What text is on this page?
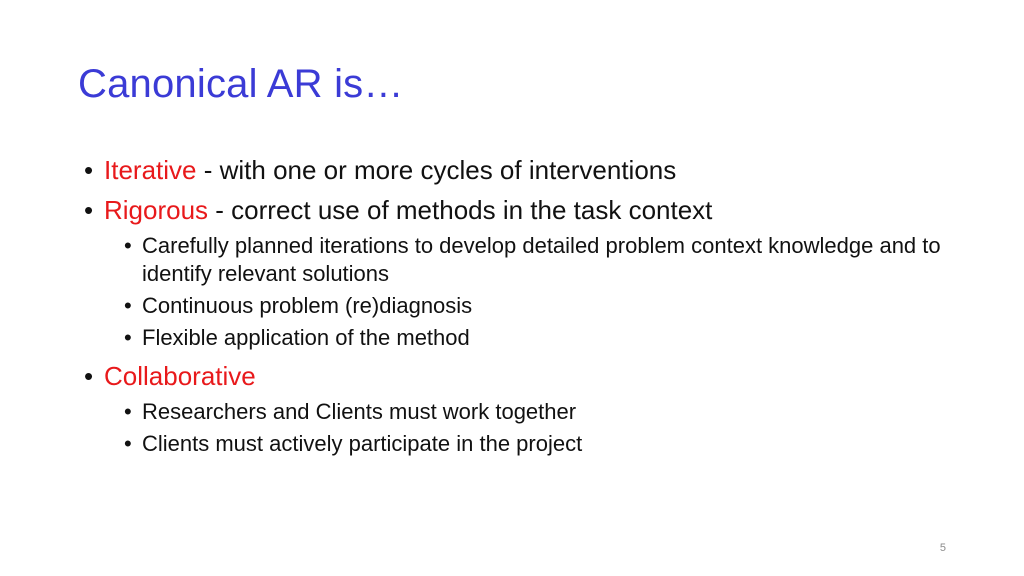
Canonical AR is…
• Iterative - with one or more cycles of interventions
• Rigorous - correct use of methods in the task context
• Carefully planned iterations to develop detailed problem context knowledge and to identify relevant solutions
• Continuous problem (re)diagnosis
• Flexible application of the method
• Collaborative
• Researchers and Clients must work together
• Clients must actively participate in the project
5
